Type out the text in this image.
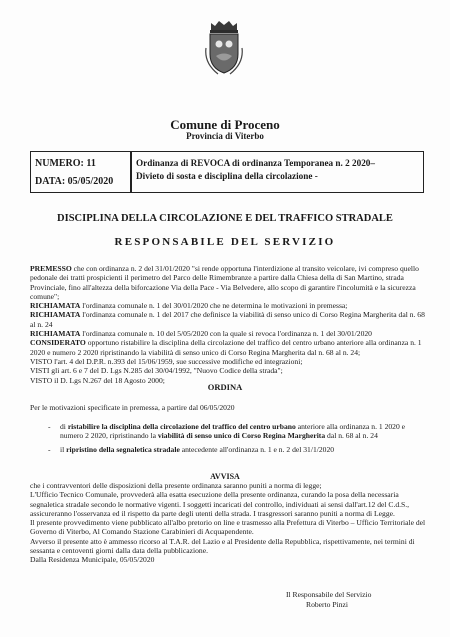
Comune di Proceno
Provincia di Viterbo
NUMERO: 11
DATA: 05/05/2020
Ordinanza di REVOCA di ordinanza Temporanea n. 2 2020–
Divieto di sosta e disciplina della circolazione -
DISCIPLINA DELLA CIRCOLAZIONE E DEL TRAFFICO STRADALE
RESPONSABILE DEL SERVIZIO

PREMESSO che con ordinanza n. 2 del 31/01/2020 "si rende opportuna l'interdizione al transito veicolare, ivi compreso quello pedonale dei tratti prospicienti il perimetro del Parco delle Rimembranze a partire dalla Chiesa della di San Martino, strada Provinciale, fino all'altezza della biforcazione Via della Pace - Via Belvedere, allo scopo di garantire l'incolumità e la sicurezza comune";

RICHIAMATA l'ordinanza comunale n. 1 del 30/01/2020 che ne determina le motivazioni in premessa;

RICHIAMATA l'ordinanza comunale n. 1 del 2017 che definisce la viabilità di senso unico di Corso Regina Margherita dal n. 68 al n. 24

RICHIAMATA l'ordinanza comunale n. 10 del 5/05/2020 con la quale si revoca l'ordinanza n. 1 del 30/01/2020

CONSIDERATO opportuno ristabilire la disciplina della circolazione del traffico del centro urbano anteriore alla ordinanza n. 1 2020 e numero 2 2020 ripristinando la viabilità di senso unico di Corso Regina Margherita dal n. 68 al n. 24;

VISTO l'art. 4 del D.P.R. n.393 del 15/06/1959, sue successive modifiche ed integrazioni;

VISTI gli art. 6 e 7 del D. Lgs N.285 del 30/04/1992, "Nuovo Codice della strada";

VISTO il D. Lgs N.267 del 18 Agosto 2000;

ORDINA
Per le motivazioni specificate in premessa, a partire dal 06/05/2020
- di ristabilire la disciplina della circolazione del traffico del centro urbano anteriore alla ordinanza n. 1 2020 e numero 2 2020, ripristinando la viabilità di senso unico di Corso Regina Margherita dal n. 68 al n. 24
- il ripristino della segnaletica stradale antecedente all'ordinanza n. 1 e n. 2 del 31/1/2020
AVVISA

che i contravventori delle disposizioni della presente ordinanza saranno puniti a norma di legge;

L'Ufficio Tecnico Comunale, provvederà alla esatta esecuzione della presente ordinanza, curando la posa della necessaria segnaletica stradale secondo le normative vigenti. I soggetti incaricati del controllo, individuati ai sensi dall'art.12 del C.d.S., assicureranno l'osservanza ed il rispetto da parte degli utenti della strada. I trasgressori saranno puniti a norma di Legge.

Il presente provvedimento viene pubblicato all'albo pretorio on line e trasmesso alla Prefettura di Viterbo – Ufficio Territoriale del Governo di Viterbo, Al Comando Stazione Carabinieri di Acquapendente.

Avverso il presente atto è ammesso ricorso al T.A.R. del Lazio e al Presidente della Repubblica, rispettivamente, nei termini di sessanta e centoventi giorni dalla data della pubblicazione.

Dalla Residenza Municipale, 05/05/2020

Il Responsabile del Servizio
Roberto Pinzi
